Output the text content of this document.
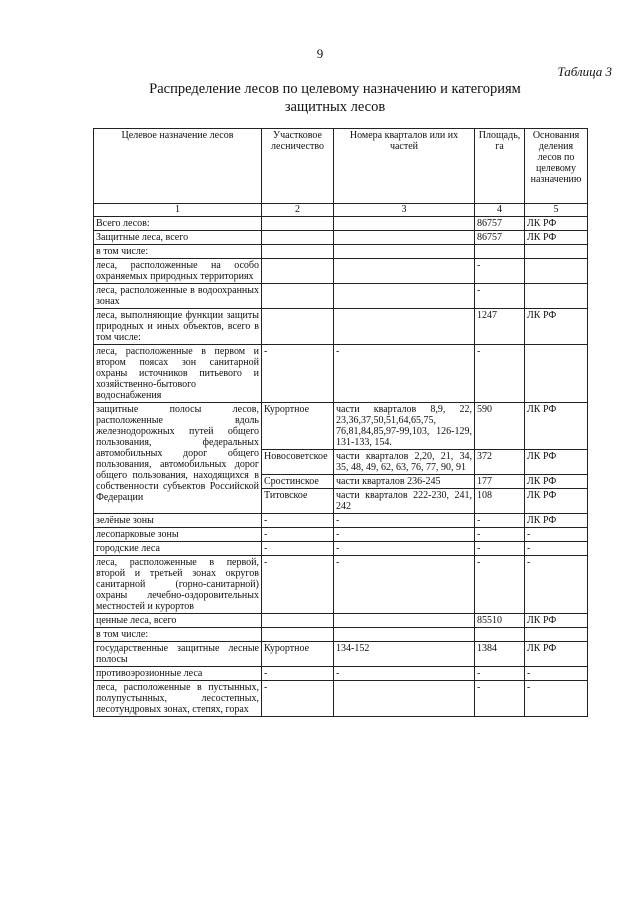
9
Таблица 3
Распределение лесов по целевому назначению и категориям
защитных лесов
Целевое назначение лесов	Участковое лесничество	Номера кварталов или их частей	Площадь, га	Основания деления лесов по целевому назначению
1	2	3	4	5
Всего лесов:			86757	ЛК РФ
Защитные леса, всего			86757	ЛК РФ
в том числе:				
леса, расположенные на особо охраняемых природных территориях			-	
леса, расположенные в водоохранных зонах			-	
леса, выполняющие функции защиты природных и иных объектов, всего в том числе:			1247	ЛК РФ
леса, расположенные в первом и втором поясах зон санитарной охраны источников питьевого и хозяйственно-бытового водоснабжения	-	-	-	
защитные полосы лесов, расположенные вдоль железнодорожных путей общего пользования, федеральных автомобильных дорог общего пользования, автомобильных дорог общего пользования, находящихся в собственности субъектов Российской Федерации	Курортное	части кварталов 8,9, 22, 23,36,37,50,51,64,65,75, 76,81,84,85,97-99,103, 126-129, 131-133, 154.	590	ЛК РФ
	Новосоветское	части кварталов 2,20, 21, 34, 35, 48, 49, 62, 63, 76, 77, 90, 91	372	ЛК РФ
	Сростинское	части кварталов 236-245	177	ЛК РФ
	Титовское	части кварталов 222-230, 241, 242	108	ЛК РФ
зелёные зоны	-	-	-	ЛК РФ
лесопарковые зоны	-	-	-	-
городские леса	-	-	-	-
леса, расположенные в первой, второй и третьей зонах округов санитарной (горно-санитарной) охраны лечебно-оздоровительных местностей и курортов	-	-	-	-
ценные леса, всего			85510	ЛК РФ
в том числе:				
государственные защитные лесные полосы	Курортное	134-152	1384	ЛК РФ
противоэрозионные леса	-	-	-	-
леса, расположенные в пустынных, полупустынных, лесостепных, лесотундровых зонах, степях, горах	-		-	-
